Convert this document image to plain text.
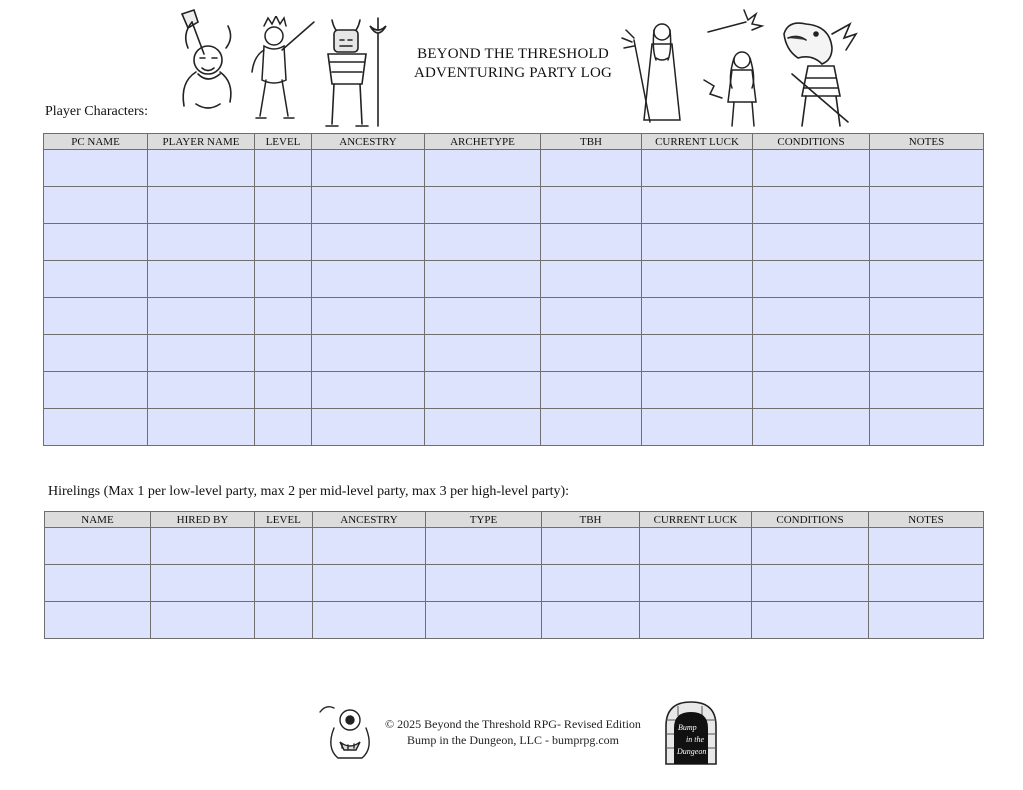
BEYOND THE THRESHOLD
ADVENTURING PARTY LOG
Player Characters:
PC NAME	PLAYER NAME	LEVEL	ANCESTRY	ARCHETYPE	TBH	CURRENT LUCK	CONDITIONS	NOTES

Hirelings (Max 1 per low-level party, max 2 per mid-level party, max 3 per high-level party):
NAME	HIRED BY	LEVEL	ANCESTRY	TYPE	TBH	CURRENT LUCK	CONDITIONS	NOTES

© 2025 Beyond the Threshold RPG- Revised Edition
Bump in the Dungeon, LLC - bumprpg.com
Bump
in the
Dungeon
